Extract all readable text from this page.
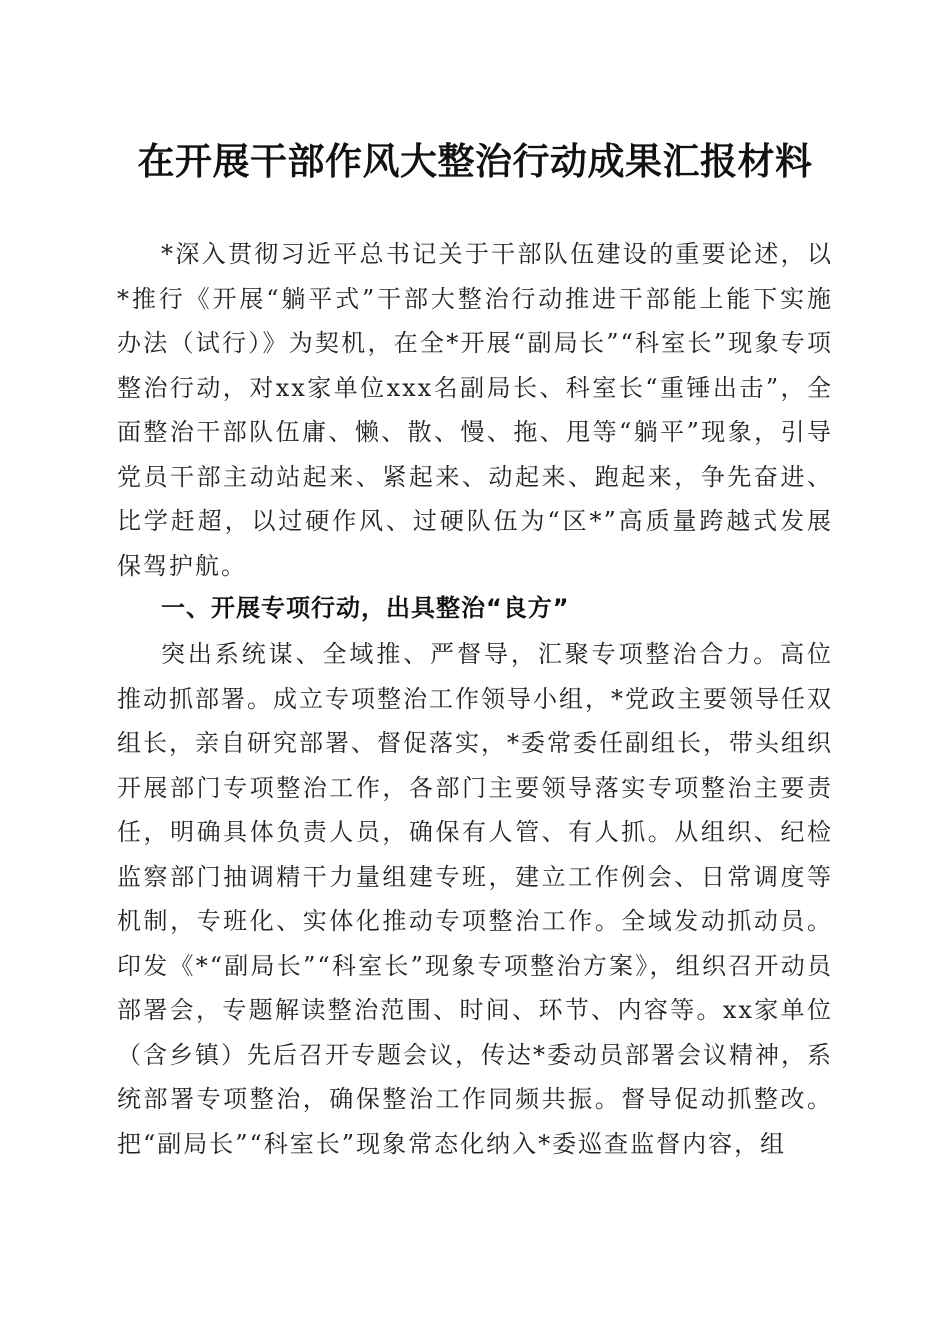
在开展干部作风大整治行动成果汇报材料

*深入贯彻习近平总书记关于干部队伍建设的重要论述，以*推行《开展“躺平式”干部大整治行动推进干部能上能下实施办法（试行）》为契机，在全*开展“副局长”“科室长”现象专项整治行动，对xx家单位xxx名副局长、科室长“重锤出击”，全面整治干部队伍庸、懒、散、慢、拖、甩等“躺平”现象，引导党员干部主动站起来、紧起来、动起来、跑起来，争先奋进、比学赶超，以过硬作风、过硬队伍为“区*”高质量跨越式发展保驾护航。

一、开展专项行动，出具整治“良方”

突出系统谋、全域推、严督导，汇聚专项整治合力。高位推动抓部署。成立专项整治工作领导小组，*党政主要领导任双组长，亲自研究部署、督促落实，*委常委任副组长，带头组织开展部门专项整治工作，各部门主要领导落实专项整治主要责任，明确具体负责人员，确保有人管、有人抓。从组织、纪检监察部门抽调精干力量组建专班，建立工作例会、日常调度等机制，专班化、实体化推动专项整治工作。全域发动抓动员。印发《*“副局长”“科室长”现象专项整治方案》，组织召开动员部署会，专题解读整治范围、时间、环节、内容等。xx家单位（含乡镇）先后召开专题会议，传达*委动员部署会议精神，系统部署专项整治，确保整治工作同频共振。督导促动抓整改。把“副局长”“科室长”现象常态化纳入*委巡查监督内容，组
